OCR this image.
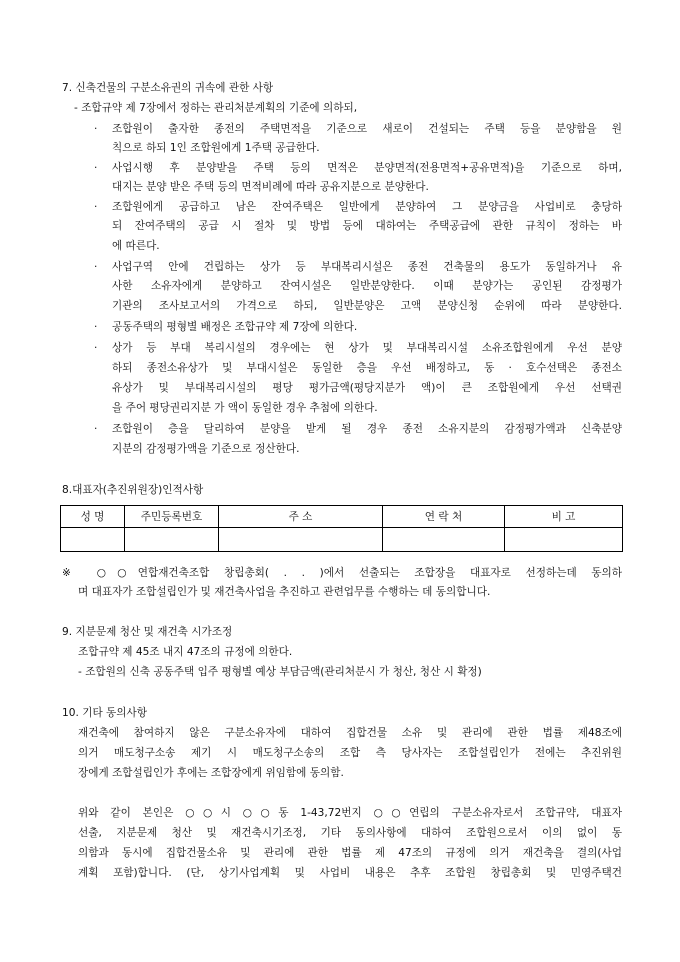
7. 신축건물의 구분소유권의 귀속에 관한 사항
- 조합규약 제 7장에서 정하는 관리처분계획의 기준에 의하되,
· 조합원이 출자한 종전의 주택면적을 기준으로 새로이 건설되는 주택 등을 분양함을 원
칙으로 하되 1인 조합원에게 1주택 공급한다.
· 사업시행 후 분양받을 주택 등의 면적은 분양면적(전용면적+공유면적)을 기준으로 하며,
대지는 분양 받은 주택 등의 면적비례에 따라 공유지분으로 분양한다.
· 조합원에게 공급하고 남은 잔여주택은 일반에게 분양하여 그 분양금을 사업비로 충당하
되 잔여주택의 공급 시 절차 및 방법 등에 대하여는 주택공급에 관한 규칙이 정하는 바
에 따른다.
· 사업구역 안에 건립하는 상가 등 부대복리시설은 종전 건축물의 용도가 동일하거나 유
사한 소유자에게 분양하고 잔여시설은 일반분양한다. 이때 분양가는 공인된 감정평가
기관의 조사보고서의 가격으로 하되, 일반분양은 고액 분양신청 순위에 따라 분양한다.
· 공동주택의 평형별 배정은 조합규약 제 7장에 의한다.
· 상가 등 부대 복리시설의 경우에는 현 상가 및 부대복리시설 소유조합원에게 우선 분양
하되 종전소유상가 및 부대시설은 동일한 층을 우선 배정하고, 동 · 호수선택은 종전소
유상가 및 부대복리시설의 평당 평가금액(평당지분가 액)이 큰 조합원에게 우선 선택권
을 주어 평당권리지분 가 액이 동일한 경우 추첨에 의한다.
· 조합원이 층을 달리하여 분양을 받게 될 경우 종전 소유지분의 감정평가액과 신축분양
지분의 감정평가액을 기준으로 정산한다.
8.대표자(추진위원장)인적사항
성 명	주민등록번호	주 소	연 락 처	비 고

※ ○○연합재건축조합 창립총회( . . )에서 선출되는 조합장을 대표자로 선정하는데 동의하
며 대표자가 조합설립인가 및 재건축사업을 추진하고 관련업무를 수행하는 데 동의합니다.
9. 지분문제 청산 및 재건축 시가조정
조합규약 제 45조 내지 47조의 규정에 의한다.
- 조합원의 신축 공동주택 입주 평형별 예상 부담금액(관리처분시 가 청산, 청산 시 확정)
10. 기타 동의사항
재건축에 참여하지 않은 구분소유자에 대하여 집합건물 소유 및 관리에 관한 법률 제48조에
의거 매도청구소송 제기 시 매도청구소송의 조합 측 당사자는 조합설립인가 전에는 추진위원
장에게 조합설립인가 후에는 조합장에게 위임함에 동의함.
위와 같이 본인은 ○○시 ○○동 1-43,72번지 ○○연립의 구분소유자로서 조합규약, 대표자
선출, 지분문제 청산 및 재건축시기조정, 기타 동의사항에 대하여 조합원으로서 이의 없이 동
의함과 동시에 집합건물소유 및 관리에 관한 법률 제 47조의 규정에 의거 재건축을 결의(사업
계획 포함)합니다. (단, 상기사업계획 및 사업비 내용은 추후 조합원 창립총회 및 민영주택건
